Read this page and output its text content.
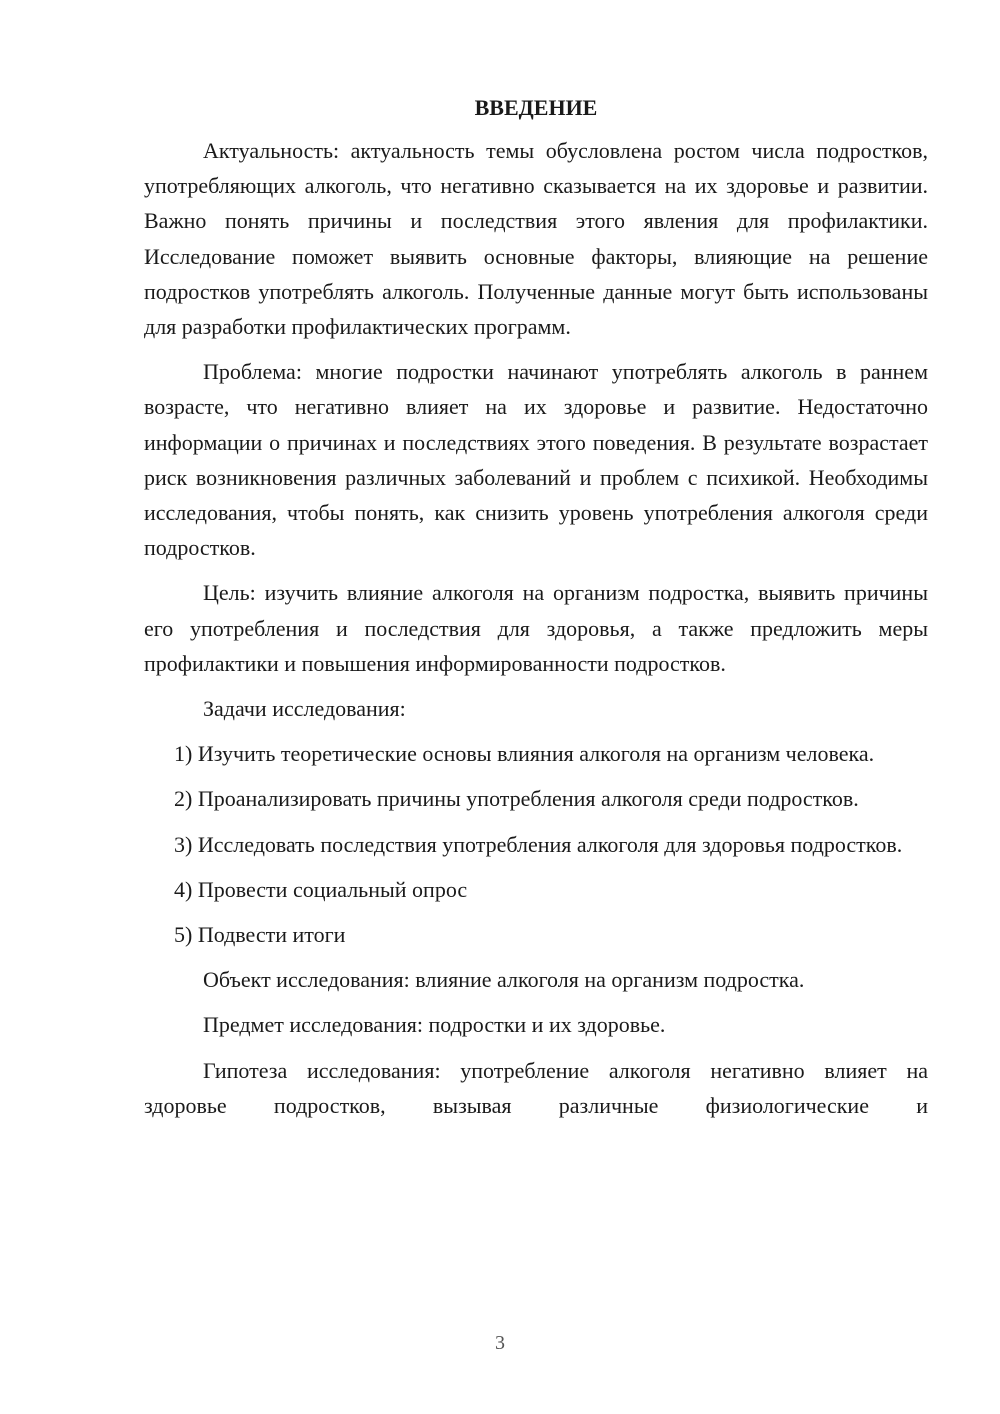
ВВЕДЕНИЕ

Актуальность: актуальность темы обусловлена ростом числа подростков, употребляющих алкоголь, что негативно сказывается на их здоровье и развитии. Важно понять причины и последствия этого явления для профилактики. Исследование поможет выявить основные факторы, влияющие на решение подростков употреблять алкоголь. Полученные данные могут быть использованы для разработки профилактических программ.

Проблема: многие подростки начинают употреблять алкоголь в раннем возрасте, что негативно влияет на их здоровье и развитие. Недостаточно информации о причинах и последствиях этого поведения. В результате возрастает риск возникновения различных заболеваний и проблем с психикой. Необходимы исследования, чтобы понять, как снизить уровень употребления алкоголя среди подростков.

Цель: изучить влияние алкоголя на организм подростка, выявить причины его употребления и последствия для здоровья, а также предложить меры профилактики и повышения информированности подростков.

Задачи исследования:

1) Изучить теоретические основы влияния алкоголя на организм человека.

2) Проанализировать причины употребления алкоголя среди подростков.

3) Исследовать последствия употребления алкоголя для здоровья подростков.

4) Провести социальный опрос

5) Подвести итоги

Объект исследования: влияние алкоголя на организм подростка.

Предмет исследования: подростки и их здоровье.

Гипотеза исследования: употребление алкоголя негативно влияет на здоровье подростков, вызывая различные физиологические и

3
